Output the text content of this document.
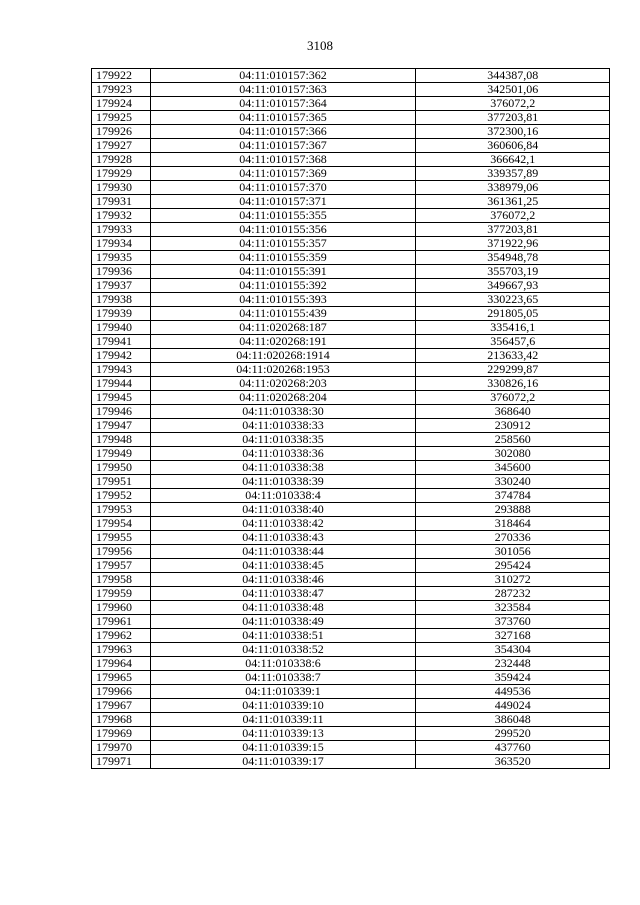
3108
179922	04:11:010157:362	344387,08
179923	04:11:010157:363	342501,06
179924	04:11:010157:364	376072,2
179925	04:11:010157:365	377203,81
179926	04:11:010157:366	372300,16
179927	04:11:010157:367	360606,84
179928	04:11:010157:368	366642,1
179929	04:11:010157:369	339357,89
179930	04:11:010157:370	338979,06
179931	04:11:010157:371	361361,25
179932	04:11:010155:355	376072,2
179933	04:11:010155:356	377203,81
179934	04:11:010155:357	371922,96
179935	04:11:010155:359	354948,78
179936	04:11:010155:391	355703,19
179937	04:11:010155:392	349667,93
179938	04:11:010155:393	330223,65
179939	04:11:010155:439	291805,05
179940	04:11:020268:187	335416,1
179941	04:11:020268:191	356457,6
179942	04:11:020268:1914	213633,42
179943	04:11:020268:1953	229299,87
179944	04:11:020268:203	330826,16
179945	04:11:020268:204	376072,2
179946	04:11:010338:30	368640
179947	04:11:010338:33	230912
179948	04:11:010338:35	258560
179949	04:11:010338:36	302080
179950	04:11:010338:38	345600
179951	04:11:010338:39	330240
179952	04:11:010338:4	374784
179953	04:11:010338:40	293888
179954	04:11:010338:42	318464
179955	04:11:010338:43	270336
179956	04:11:010338:44	301056
179957	04:11:010338:45	295424
179958	04:11:010338:46	310272
179959	04:11:010338:47	287232
179960	04:11:010338:48	323584
179961	04:11:010338:49	373760
179962	04:11:010338:51	327168
179963	04:11:010338:52	354304
179964	04:11:010338:6	232448
179965	04:11:010338:7	359424
179966	04:11:010339:1	449536
179967	04:11:010339:10	449024
179968	04:11:010339:11	386048
179969	04:11:010339:13	299520
179970	04:11:010339:15	437760
179971	04:11:010339:17	363520
